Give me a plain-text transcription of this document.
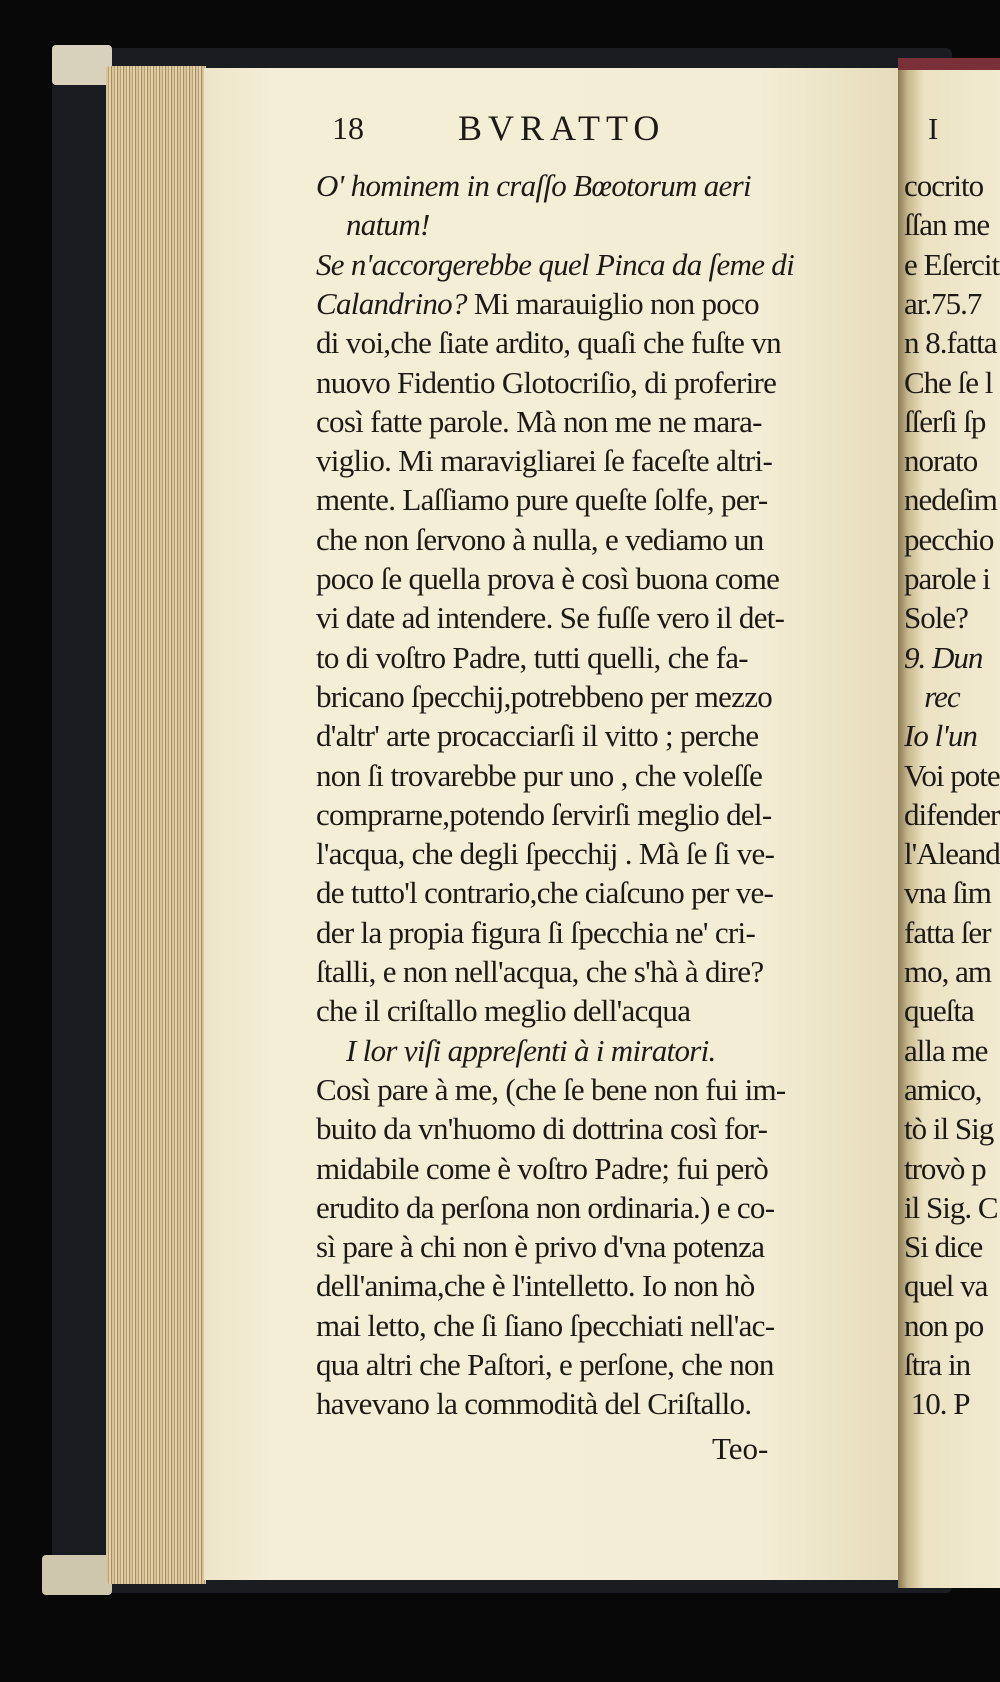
18	BVRATTO
O' hominem in craſſo Bœotorum aeri
natum!
Se n'accorgerebbe quel Pinca da ſeme di
Calandrino? Mi marauiglio non poco
di voi,che ſiate ardito, quaſi che fuſte vn
nuovo Fidentio Glotocriſio, di proferire
così fatte parole. Mà non me ne mara-
viglio. Mi maravigliarei ſe faceſte altri-
mente. Laſſiamo pure queſte ſolfe, per-
che non ſervono à nulla, e vediamo un
poco ſe quella prova è così buona come
vi date ad intendere. Se fuſſe vero il det-
to di voſtro Padre, tutti quelli, che fa-
bricano ſpecchij,potrebbeno per mezzo
d'altr' arte procacciarſi il vitto ; perche
non ſi trovarebbe pur uno , che voleſſe
comprarne,potendo ſervirſi meglio del-
l'acqua, che degli ſpecchij . Mà ſe ſi ve-
de tutto'l contrario,che ciaſcuno per ve-
der la propia figura ſi ſpecchia ne' cri-
ſtalli, e non nell'acqua, che s'hà à dire?
che il criſtallo meglio dell'acqua
I lor viſi appreſenti à i miratori.
Così pare à me, (che ſe bene non fui im-
buito da vn'huomo di dottrina così for-
midabile come è voſtro Padre; fui però
erudito da perſona non ordinaria.) e co-
sì pare à chi non è privo d'vna potenza
dell'anima,che è l'intelletto. Io non hò
mai letto, che ſi ſiano ſpecchiati nell'ac-
qua altri che Paſtori, e perſone, che non
havevano la commodità del Criſtallo.
Teo-
I
cocrito
ſſan me
e Eſercit
ar.75.7
n 8.fatta
Che ſe l
ſſerſi ſp
norato
nedeſim
pecchio
parole i
Sole?
9. Dun
rec
Io l'un
Voi pote
difender
l'Aleand
vna ſim
fatta ſer
mo, am
queſta
alla me
amico,
tò il Sig
trovò p
il Sig. C
Si dice
quel va
non po
ſtra in
10. P
